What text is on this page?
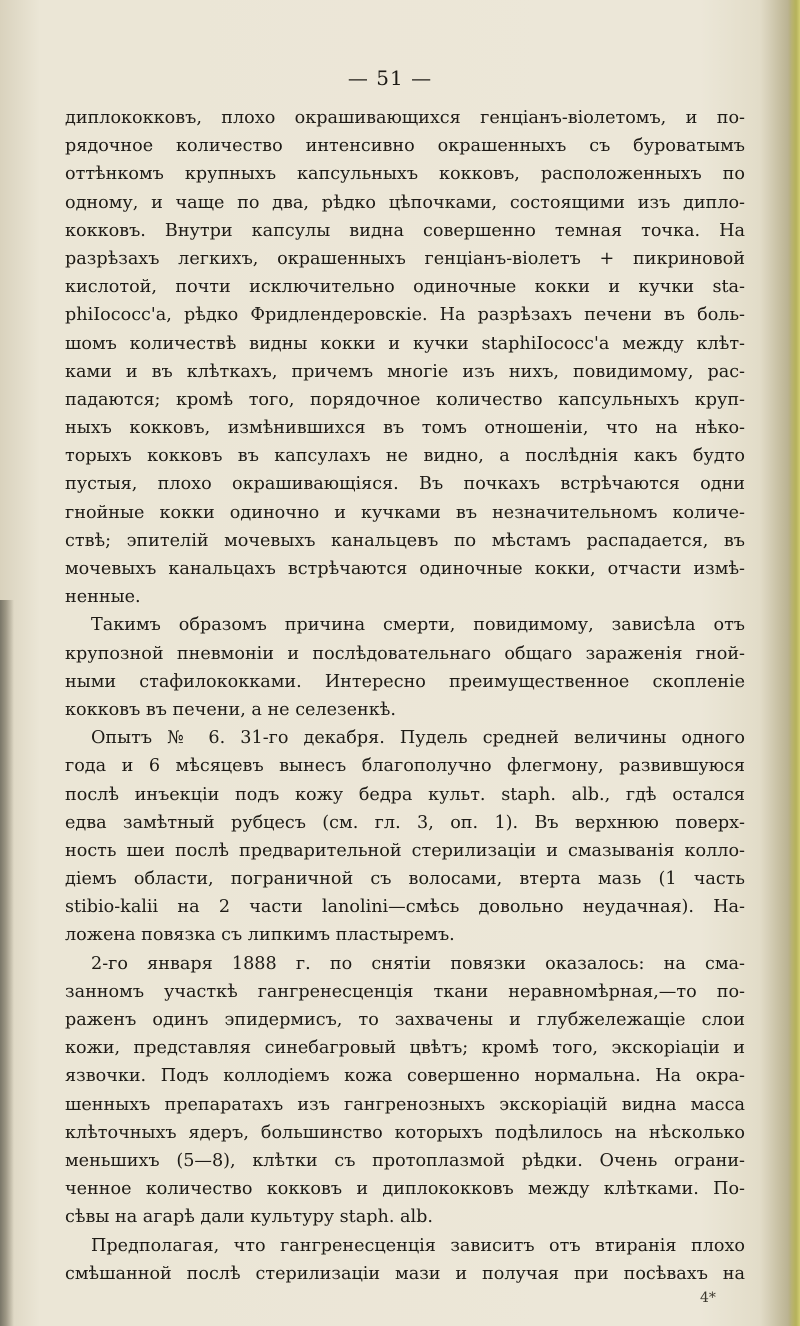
— 51 —
диплококковъ, плохо окрашивающихся генціанъ-віолетомъ, и по-
рядочное количество интенсивно окрашенныхъ съ буроватымъ
оттѣнкомъ крупныхъ капсульныхъ кокковъ, расположенныхъ по
одному, и чаще по два, рѣдко цѣпочками, состоящими изъ дипло-
кокковъ. Внутри капсулы видна совершенно темная точка. На
разрѣзахъ легкихъ, окрашенныхъ генціанъ-віолетъ + пикриновой
кислотой, почти исключительно одиночные кокки и кучки sta-
phiIococc'a, рѣдко Фридлендеровскіе. На разрѣзахъ печени въ боль-
шомъ количествѣ видны кокки и кучки staphiIococc'a между клѣт-
ками и въ клѣткахъ, причемъ многіе изъ нихъ, повидимому, рас-
падаются; кромѣ того, порядочное количество капсульныхъ круп-
ныхъ кокковъ, измѣнившихся въ томъ отношеніи, что на нѣко-
торыхъ кокковъ въ капсулахъ не видно, а послѣднія какъ будто
пустыя, плохо окрашивающіяся. Въ почкахъ встрѣчаются одни
гнойные кокки одиночно и кучками въ незначительномъ количе-
ствѣ; эпителій мочевыхъ канальцевъ по мѣстамъ распадается, въ
мочевыхъ канальцахъ встрѣчаются одиночные кокки, отчасти измѣ-
ненные.
Такимъ образомъ причина смерти, повидимому, зависѣла отъ
крупозной пневмоніи и послѣдовательнаго общаго зараженія гной-
ными стафилококками. Интересно преимущественное скопленіе
кокковъ въ печени, а не селезенкѣ.
Опытъ № 6. 31-го декабря. Пудель средней величины одного
года и 6 мѣсяцевъ вынесъ благополучно флегмону, развившуюся
послѣ инъекціи подъ кожу бедра культ. staph. alb., гдѣ остался
едва замѣтный рубцесъ (см. гл. 3, оп. 1). Въ верхнюю поверх-
ность шеи послѣ предварительной стерилизаціи и смазыванія колло-
діемъ области, пограничной съ волосами, втерта мазь (1 часть
stibio-kalii на 2 части lanolini—смѣсь довольно неудачная). На-
ложена повязка съ липкимъ пластыремъ.
2-го января 1888 г. по снятіи повязки оказалось: на сма-
занномъ участкѣ гангренесценція ткани неравномѣрная,—то по-
раженъ одинъ эпидермисъ, то захвачены и глубжележащіе слои
кожи, представляя синебагровый цвѣтъ; кромѣ того, экскоріаціи и
язвочки. Подъ коллодіемъ кожа совершенно нормальна. На окра-
шенныхъ препаратахъ изъ гангренозныхъ экскоріацій видна масса
клѣточныхъ ядеръ, большинство которыхъ подѣлилось на нѣсколько
меньшихъ (5—8), клѣтки съ протоплазмой рѣдки. Очень ограни-
ченное количество кокковъ и диплококковъ между клѣтками. По-
сѣвы на агарѣ дали культуру staph. alb.
Предполагая, что гангренесценція зависитъ отъ втиранія плохо
смѣшанной послѣ стерилизаціи мази и получая при посѣвахъ на
4*
